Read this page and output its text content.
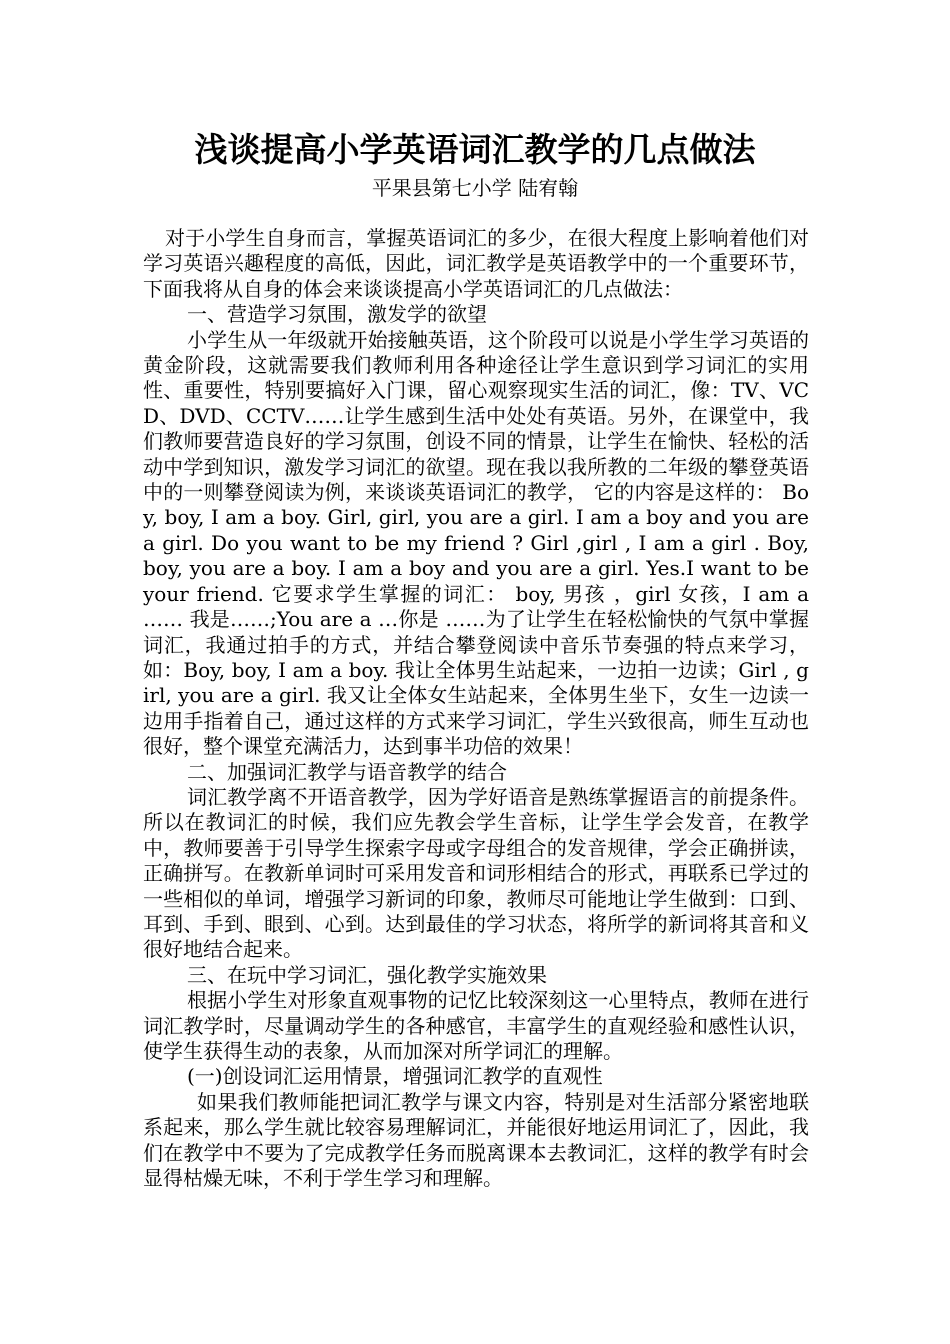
浅谈提高小学英语词汇教学的几点做法
平果县第七小学 陆宥翰

对于小学生自身而言，掌握英语词汇的多少，在很大程度上影响着他们对学习英语兴趣程度的高低，因此，词汇教学是英语教学中的一个重要环节，下面我将从自身的体会来谈谈提高小学英语词汇的几点做法：

一、营造学习氛围，激发学的欲望

小学生从一年级就开始接触英语，这个阶段可以说是小学生学习英语的黄金阶段，这就需要我们教师利用各种途径让学生意识到学习词汇的实用性、重要性，特别要搞好入门课，留心观察现实生活的词汇，像：TV、VCD、DVD、CCTV……让学生感到生活中处处有英语。另外，在课堂中，我们教师要营造良好的学习氛围，创设不同的情景，让学生在愉快、轻松的活动中学到知识，激发学习词汇的欲望。现在我以我所教的二年级的攀登英语中的一则攀登阅读为例，来谈谈英语词汇的教学， 它的内容是这样的： Boy, boy, I am a boy. Girl, girl, you are a girl. I am a boy and you are a girl. Do you want to be my friend ? Girl ,girl , I am a girl . Boy, boy, you are a boy. I am a boy and you are a girl. Yes.I want to be your friend. 它要求学生掌握的词汇： boy, 男孩 ，girl 女孩，I am a …… 我是……;You are a …你是 ……为了让学生在轻松愉快的气氛中掌握词汇，我通过拍手的方式，并结合攀登阅读中音乐节奏强的特点来学习，如：Boy, boy, I am a boy. 我让全体男生站起来，一边拍一边读；Girl , girl, you are a girl. 我又让全体女生站起来，全体男生坐下，女生一边读一边用手指着自己，通过这样的方式来学习词汇，学生兴致很高，师生互动也很好，整个课堂充满活力，达到事半功倍的效果！

二、加强词汇教学与语音教学的结合

词汇教学离不开语音教学，因为学好语音是熟练掌握语言的前提条件。所以在教词汇的时候，我们应先教会学生音标，让学生学会发音，在教学中，教师要善于引导学生探索字母或字母组合的发音规律，学会正确拼读，正确拼写。在教新单词时可采用发音和词形相结合的形式，再联系已学过的一些相似的单词，增强学习新词的印象，教师尽可能地让学生做到：口到、耳到、手到、眼到、心到。达到最佳的学习状态，将所学的新词将其音和义很好地结合起来。

三、在玩中学习词汇，强化教学实施效果

根据小学生对形象直观事物的记忆比较深刻这一心里特点，教师在进行词汇教学时，尽量调动学生的各种感官，丰富学生的直观经验和感性认识，使学生获得生动的表象，从而加深对所学词汇的理解。

(一)创设词汇运用情景，增强词汇教学的直观性

如果我们教师能把词汇教学与课文内容，特别是对生活部分紧密地联系起来，那么学生就比较容易理解词汇，并能很好地运用词汇了，因此，我们在教学中不要为了完成教学任务而脱离课本去教词汇，这样的教学有时会显得枯燥无味，不利于学生学习和理解。
